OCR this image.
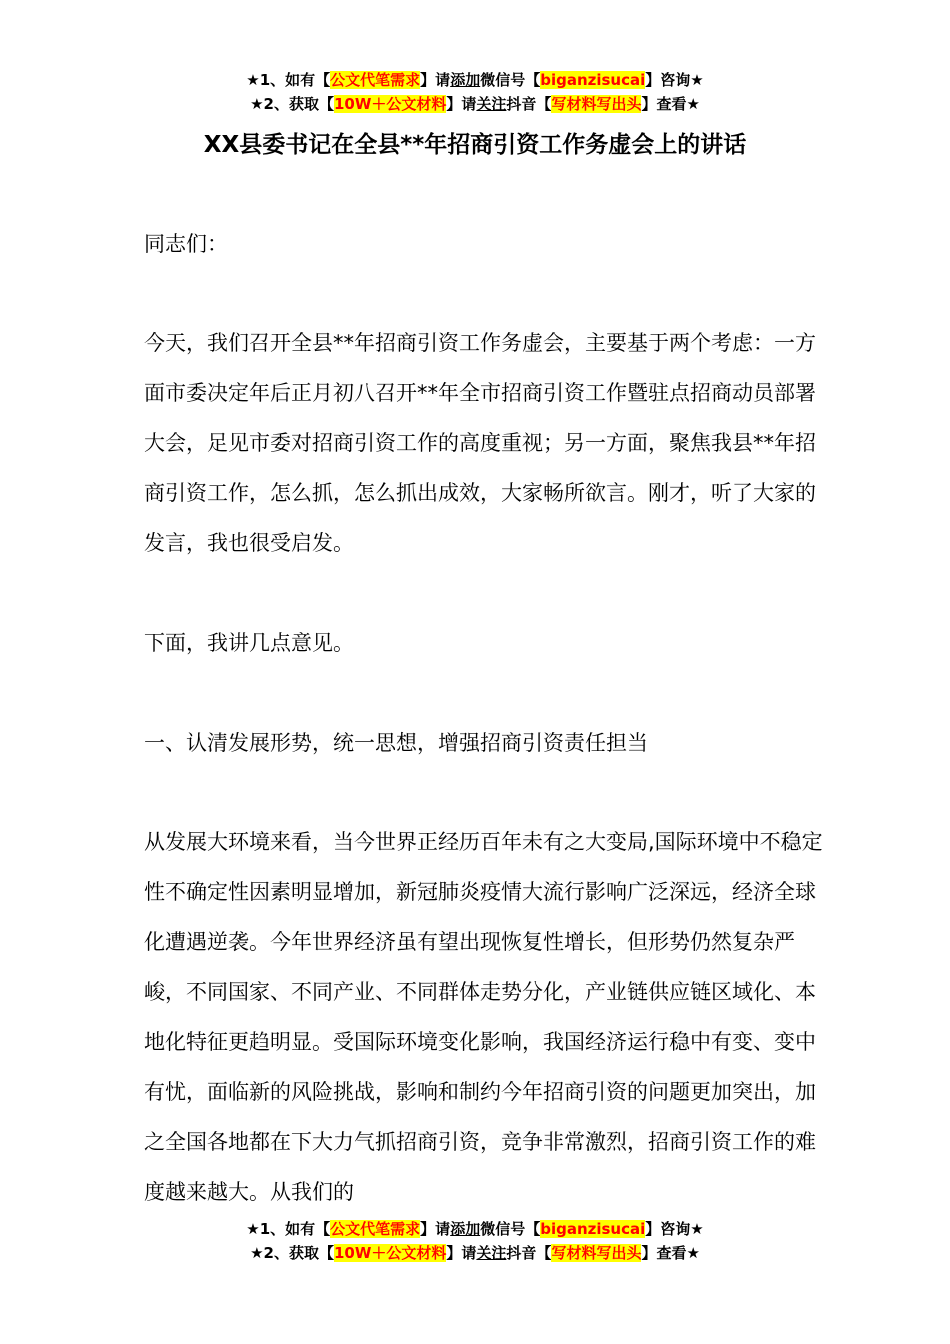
★1、如有【公文代笔需求】请添加微信号【biganzisucai】咨询★
★2、获取【10W＋公文材料】请关注抖音【写材料写出头】查看★
XX县委书记在全县**年招商引资工作务虚会上的讲话

同志们：

今天，我们召开全县**年招商引资工作务虚会，主要基于两个考虑：一方面市委决定年后正月初八召开**年全市招商引资工作暨驻点招商动员部署大会，足见市委对招商引资工作的高度重视；另一方面，聚焦我县**年招商引资工作，怎么抓，怎么抓出成效，大家畅所欲言。刚才，听了大家的发言，我也很受启发。

下面，我讲几点意见。

一、认清发展形势，统一思想，增强招商引资责任担当

从发展大环境来看，当今世界正经历百年未有之大变局,国际环境中不稳定性不确定性因素明显增加，新冠肺炎疫情大流行影响广泛深远，经济全球化遭遇逆袭。今年世界经济虽有望出现恢复性增长，但形势仍然复杂严峻，不同国家、不同产业、不同群体走势分化，产业链供应链区域化、本地化特征更趋明显。受国际环境变化影响，我国经济运行稳中有变、变中有忧，面临新的风险挑战，影响和制约今年招商引资的问题更加突出，加之全国各地都在下大力气抓招商引资，竞争非常激烈，招商引资工作的难度越来越大。从我们的

★1、如有【公文代笔需求】请添加微信号【biganzisucai】咨询★
★2、获取【10W＋公文材料】请关注抖音【写材料写出头】查看★
